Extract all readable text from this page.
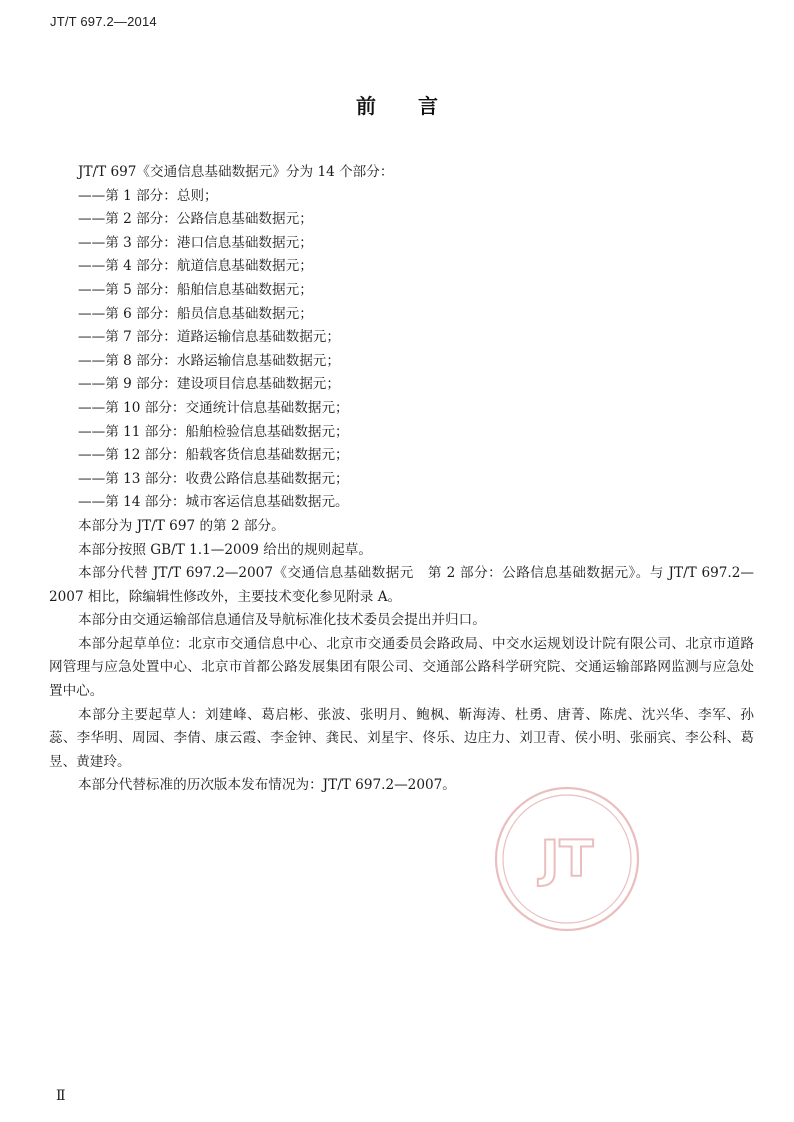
JT/T 697.2—2014
前 言

JT/T 697《交通信息基础数据元》分为 14 个部分：

——第 1 部分：总则；

——第 2 部分：公路信息基础数据元；

——第 3 部分：港口信息基础数据元；

——第 4 部分：航道信息基础数据元；

——第 5 部分：船舶信息基础数据元；

——第 6 部分：船员信息基础数据元；

——第 7 部分：道路运输信息基础数据元；

——第 8 部分：水路运输信息基础数据元；

——第 9 部分：建设项目信息基础数据元；

——第 10 部分：交通统计信息基础数据元；

——第 11 部分：船舶检验信息基础数据元；

——第 12 部分：船载客货信息基础数据元；

——第 13 部分：收费公路信息基础数据元；

——第 14 部分：城市客运信息基础数据元。

本部分为 JT/T 697 的第 2 部分。

本部分按照 GB/T 1.1—2009 给出的规则起草。

本部分代替 JT/T 697.2—2007《交通信息基础数据元　第 2 部分：公路信息基础数据元》。与 JT/T 697.2—2007 相比，除编辑性修改外，主要技术变化参见附录 A。

本部分由交通运输部信息通信及导航标准化技术委员会提出并归口。

本部分起草单位：北京市交通信息中心、北京市交通委员会路政局、中交水运规划设计院有限公司、北京市道路网管理与应急处置中心、北京市首都公路发展集团有限公司、交通部公路科学研究院、交通运输部路网监测与应急处置中心。

本部分主要起草人：刘建峰、葛启彬、张波、张明月、鲍枫、靳海涛、杜勇、唐菁、陈虎、沈兴华、李军、孙蕊、李华明、周园、李倩、康云霞、李金钟、龚民、刘星宇、佟乐、边庄力、刘卫青、侯小明、张丽宾、李公科、葛昱、黄建玲。

本部分代替标准的历次版本发布情况为：JT/T 697.2—2007。

JT
Ⅱ
